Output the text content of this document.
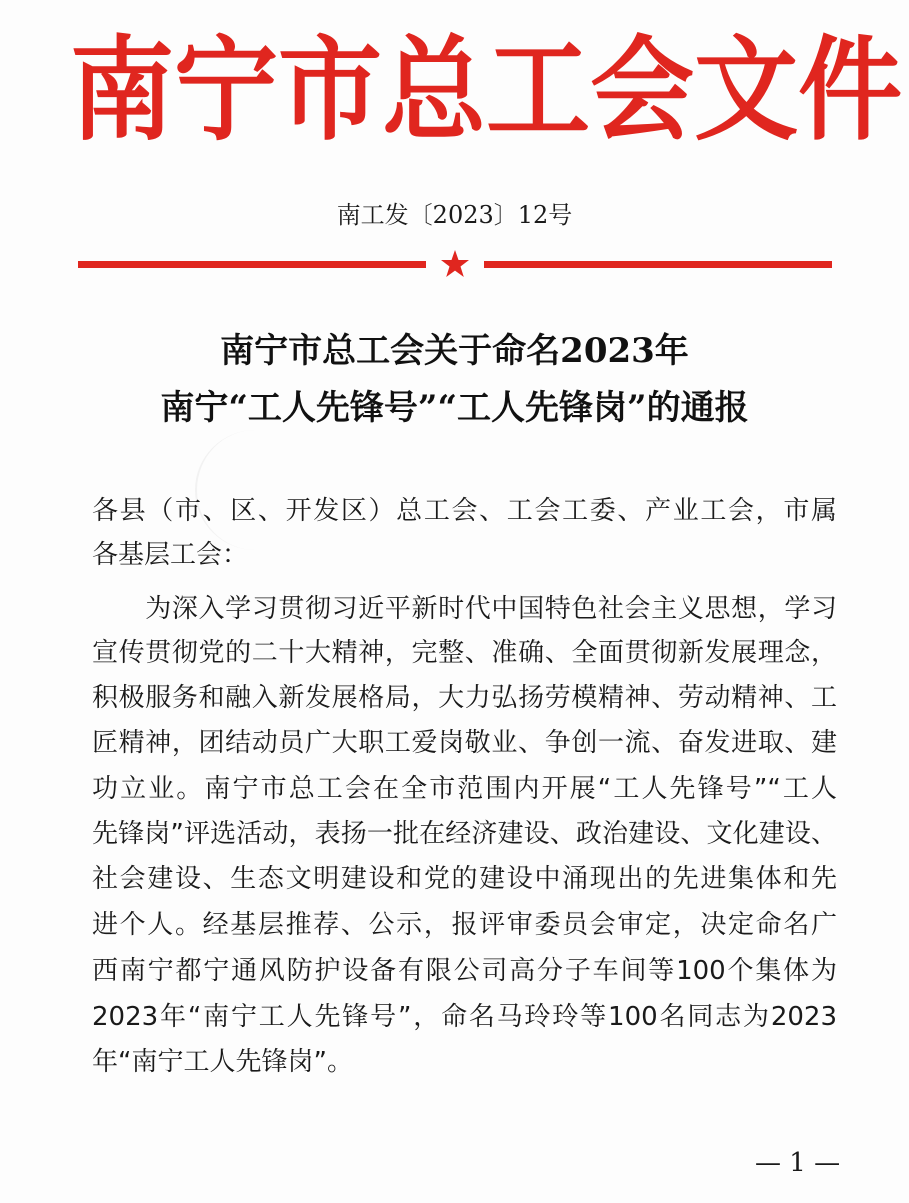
南 宁 市 总 工 会 文 件
南工发〔2023〕12号
南宁市总工会关于命名2023年
南宁“工人先锋号”“工人先锋岗”的通报
各县（市、区、开发区）总工会、工会工委、产业工会，市属
各基层工会：
　　为深入学习贯彻习近平新时代中国特色社会主义思想，学习
宣传贯彻党的二十大精神，完整、准确、全面贯彻新发展理念，
积极服务和融入新发展格局，大力弘扬劳模精神、劳动精神、工
匠精神，团结动员广大职工爱岗敬业、争创一流、奋发进取、建
功立业。南宁市总工会在全市范围内开展“工人先锋号”“工人
先锋岗”评选活动，表扬一批在经济建设、政治建设、文化建设、
社会建设、生态文明建设和党的建设中涌现出的先进集体和先
进个人。经基层推荐、公示，报评审委员会审定，决定命名广
西南宁都宁通风防护设备有限公司高分子车间等100个集体为
2023年“南宁工人先锋号”，命名马玲玲等100名同志为2023
年“南宁工人先锋岗”。
— 1 —
